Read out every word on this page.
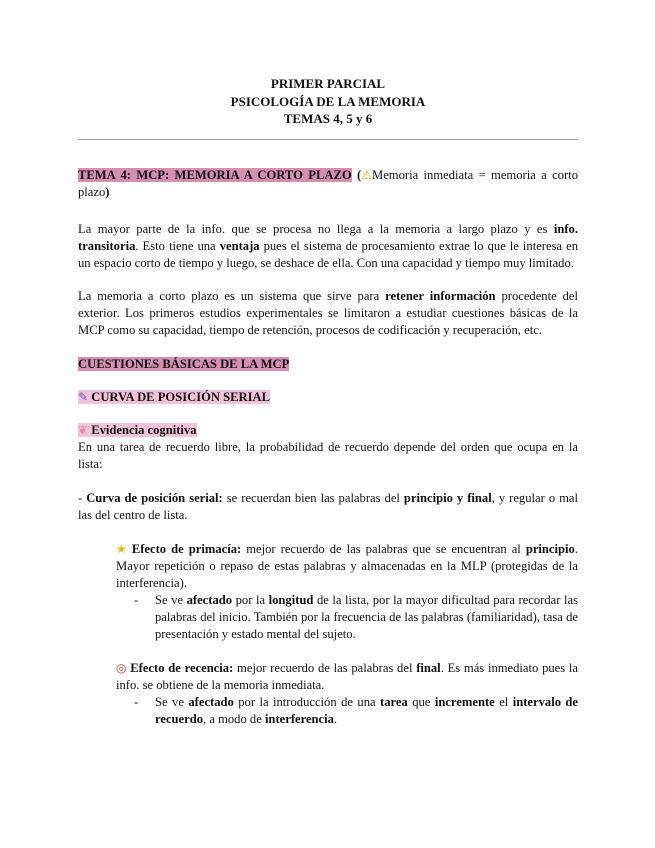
PRIMER PARCIAL
PSICOLOGÍA DE LA MEMORIA
TEMAS 4, 5 y 6

TEMA 4: MCP: MEMORIA A CORTO PLAZO (⚠Memoria inmediata = memoria a corto plazo)

La mayor parte de la info. que se procesa no llega a la memoria a largo plazo y es info. transitoria. Esto tiene una ventaja pues el sistema de procesamiento extrae lo que le interesa en un espacio corto de tiempo y luego, se deshace de ella. Con una capacidad y tiempo muy limitado.

La memoria a corto plazo es un sistema que sirve para retener información procedente del exterior. Los primeros estudios experimentales se limitaron a estudiar cuestiones básicas de la MCP como su capacidad, tiempo de retención, procesos de codificación y recuperación, etc.

CUESTIONES BÁSICAS DE LA MCP

✎ CURVA DE POSICIÓN SERIAL

❦ Evidencia cognitiva

En una tarea de recuerdo libre, la probabilidad de recuerdo depende del orden que ocupa en la lista:

- Curva de posición serial: se recuerdan bien las palabras del principio y final, y regular o mal las del centro de lista.

★ Efecto de primacía: mejor recuerdo de las palabras que se encuentran al principio. Mayor repetición o repaso de estas palabras y almacenadas en la MLP (protegidas de la interferencia).

- Se ve afectado por la longitud de la lista, por la mayor dificultad para recordar las palabras del inicio. También por la frecuencia de las palabras (familiaridad), tasa de presentación y estado mental del sujeto.

◎ Efecto de recencia: mejor recuerdo de las palabras del final. Es más inmediato pues la info. se obtiene de la memoria inmediata.

- Se ve afectado por la introducción de una tarea que incremente el intervalo de recuerdo, a modo de interferencia.
